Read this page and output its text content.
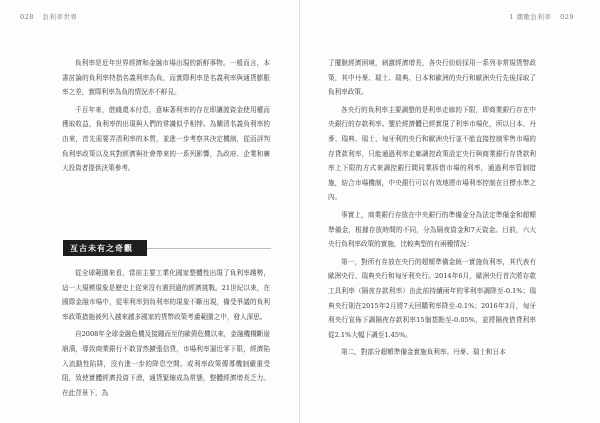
028 負利率世界

負利率是近年世界經濟和金融市場出現的新鮮事物。一般而言，本書討論的負利率特指名義利率為負，而實際利率是名義利率與通貨膨脹率之差，實際利率為負的情況亦不鮮見。

千百年來，借錢還本付息，意味著利率的存在即讓渡資金使用權而獲取收益，負利率的出現與人們的常識似乎相悖。為闡清名義負利率的由來，首先需要弄清利率的本質，並進一步考察其決定機制，從而評判負利率政策以及其對經濟與社會帶來的一系列影響，為政府、企業和廣大投資者提供決策參考。

亙古未有之奇觀

從全球範圍來看，當前主要工業化國家整體性出現了負利率趨勢，這一大規模現象是歷史上從來沒有遇到過的經濟挑戰。21世紀以來，在國際金融市場中，從零利率到負利率的現象不斷出現，備受爭議的負利率政策措施被列入越來越多國家的貨幣政策考慮範圍之中，發人深思。

自2008年全球金融危機及接踵而至的歐債危機以來，金融機構斷崖崩潰，導致商業銀行不敢冒然擴張信貸，市場利率逼近零下限，經濟陷入流動性陷阱，沒有進一步的降息空間。或利率政策傳導機制嚴重受阻，致使實體經濟投資下滑，通貨緊縮成為常態，整體經濟增長乏力。在此背景下，為

1 潮歌負利率 029

了擺脫經濟困境，刺激經濟增長，各央行紛紛採用一系列非常規貨幣政策，其中丹麥、瑞士、瑞典、日本和歐洲的央行和歐洲央行先後採取了負利率政策。

各央行的負利率主要調整的是利率走廊的下限，即商業銀行存在中央銀行的存款利率。鑒於經濟體已經實現了利率市場化，所以日本、丹麥、瑞典、瑞士、匈牙利的央行和歐洲央行並不能直接控制零售市場的存貸款利率，只能通過利率走廊調控政策設定央行與商業銀行存貸款利率上下限的方式來調控銀行間同業拆借市場的利率，通過利率管制措施，結合市場機制，中央銀行可以有效地將市場利率控制在目標水準之內。

事實上，商業銀行存放在中央銀行的準備金分為法定準備金和超額準備金，根據存放時間的不同，分為隔夜資金和7天資金。目前，六大央行負利率政策的實施，比較典型的有兩種情況：

第一，對所有存放在央行的超額準備金統一實施負利率，其代表有歐洲央行、瑞典央行和匈牙利央行。2014年6月，歐洲央行首次將存款工具利率（隔夜存款利率）由此前持續兩年的零利率調降至-0.1%；瑞典央行則在2015年2月將7天回購利率降至-0.1%；2016年3月，匈牙利央行宣佈下調隔夜存款利率15個基點至-0.05%，並將隔夜借貸利率從2.1%大幅下調至1.45%。

第二，對部分超額準備金實施負利率。丹麥、瑞士和日本
